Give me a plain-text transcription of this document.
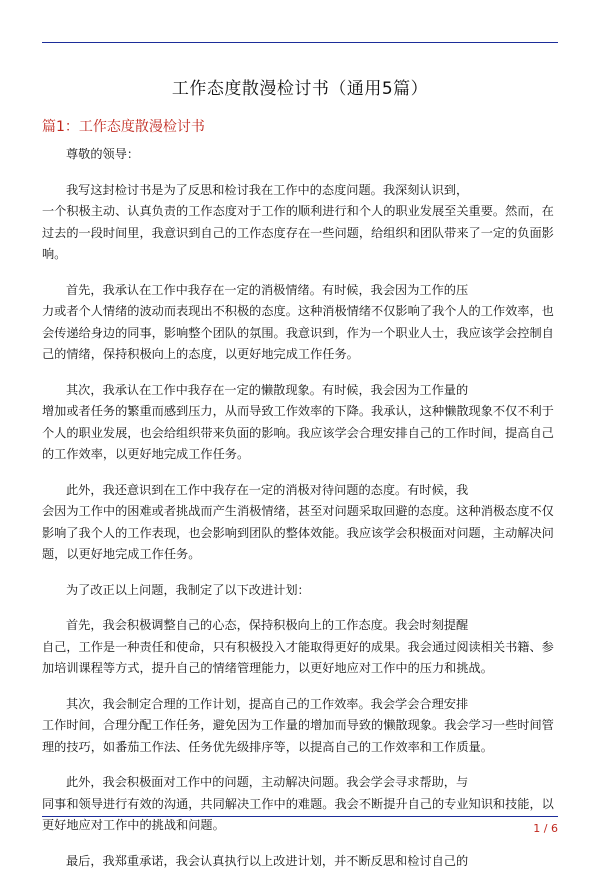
工作态度散漫检讨书（通用5篇）
篇1：工作态度散漫检讨书

尊敬的领导：

我写这封检讨书是为了反思和检讨我在工作中的态度问题。我深刻认识到，
一个积极主动、认真负责的工作态度对于工作的顺利进行和个人的职业发展至关重要。然而，在
过去的一段时间里，我意识到自己的工作态度存在一些问题，给组织和团队带来了一定的负面影
响。

首先，我承认在工作中我存在一定的消极情绪。有时候，我会因为工作的压
力或者个人情绪的波动而表现出不积极的态度。这种消极情绪不仅影响了我个人的工作效率，也
会传递给身边的同事，影响整个团队的氛围。我意识到，作为一个职业人士，我应该学会控制自
己的情绪，保持积极向上的态度，以更好地完成工作任务。

其次，我承认在工作中我存在一定的懒散现象。有时候，我会因为工作量的
增加或者任务的繁重而感到压力，从而导致工作效率的下降。我承认，这种懒散现象不仅不利于
个人的职业发展，也会给组织带来负面的影响。我应该学会合理安排自己的工作时间，提高自己
的工作效率，以更好地完成工作任务。

此外，我还意识到在工作中我存在一定的消极对待问题的态度。有时候，我
会因为工作中的困难或者挑战而产生消极情绪，甚至对问题采取回避的态度。这种消极态度不仅
影响了我个人的工作表现，也会影响到团队的整体效能。我应该学会积极面对问题，主动解决问
题，以更好地完成工作任务。

为了改正以上问题，我制定了以下改进计划：

首先，我会积极调整自己的心态，保持积极向上的工作态度。我会时刻提醒
自己，工作是一种责任和使命，只有积极投入才能取得更好的成果。我会通过阅读相关书籍、参
加培训课程等方式，提升自己的情绪管理能力，以更好地应对工作中的压力和挑战。

其次，我会制定合理的工作计划，提高自己的工作效率。我会学会合理安排
工作时间，合理分配工作任务，避免因为工作量的增加而导致的懒散现象。我会学习一些时间管
理的技巧，如番茄工作法、任务优先级排序等，以提高自己的工作效率和工作质量。

此外，我会积极面对工作中的问题，主动解决问题。我会学会寻求帮助，与
同事和领导进行有效的沟通，共同解决工作中的难题。我会不断提升自己的专业知识和技能，以
更好地应对工作中的挑战和问题。

最后，我郑重承诺，我会认真执行以上改进计划，并不断反思和检讨自己的

1 / 6
